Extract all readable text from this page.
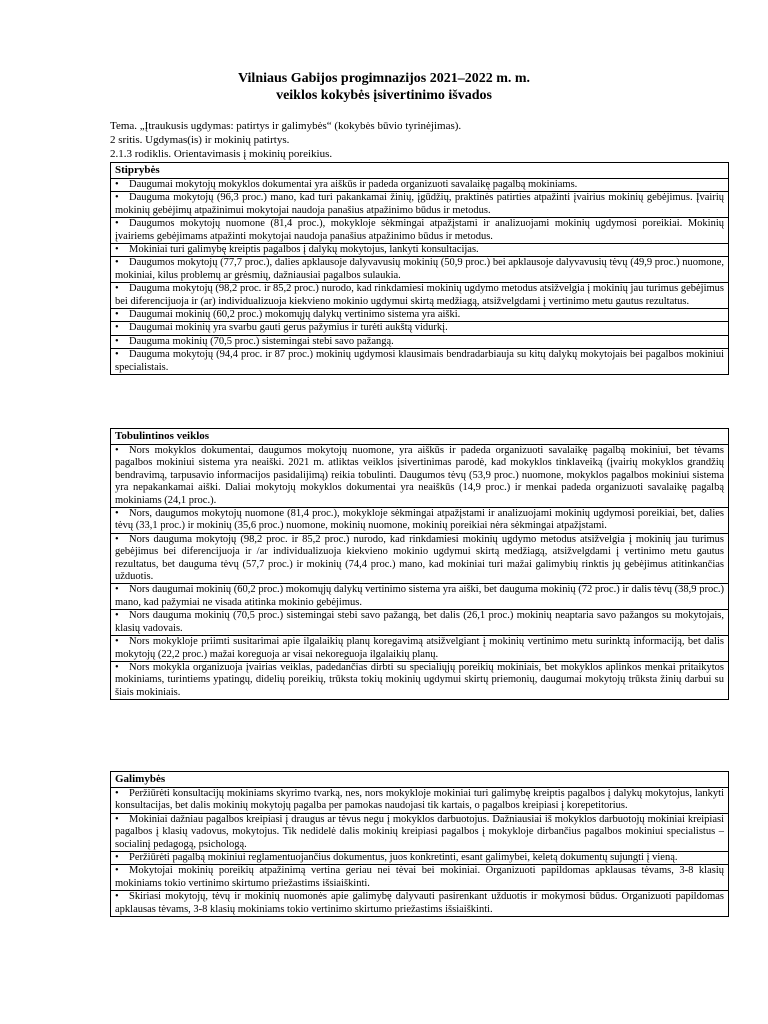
Vilniaus Gabijos progimnazijos 2021–2022 m. m.
veiklos kokybės įsivertinimo išvados
Tema. „Įtraukusis ugdymas: patirtys ir galimybės“ (kokybės būvio tyrinėjimas).
2 sritis. Ugdymas(is) ir mokinių patirtys.
2.1.3 rodiklis. Orientavimasis į mokinių poreikius.
Stiprybės
• Daugumai mokytojų mokyklos dokumentai yra aiškūs ir padeda organizuoti savalaikę pagalbą mokiniams.
• Dauguma mokytojų (96,3 proc.) mano, kad turi pakankamai žinių, įgūdžių, praktinės patirties atpažinti įvairius mokinių gebėjimus. Įvairių mokinių gebėjimų atpažinimui mokytojai naudoja panašius atpažinimo būdus ir metodus.
• Daugumos mokytojų nuomone (81,4 proc.), mokykloje sėkmingai atpažįstami ir analizuojami mokinių ugdymosi poreikiai. Mokinių įvairiems gebėjimams atpažinti mokytojai naudoja panašius atpažinimo būdus ir metodus.
• Mokiniai turi galimybę kreiptis pagalbos į dalykų mokytojus, lankyti konsultacijas.
• Daugumos mokytojų (77,7 proc.), dalies apklausoje dalyvavusių mokinių (50,9 proc.) bei apklausoje dalyvavusių tėvų (49,9 proc.) nuomone, mokiniai, kilus problemų ar grėsmių, dažniausiai pagalbos sulaukia.
• Dauguma mokytojų (98,2 proc. ir 85,2 proc.) nurodo, kad rinkdamiesi mokinių ugdymo metodus atsižvelgia į mokinių jau turimus gebėjimus bei diferencijuoja ir (ar) individualizuoja kiekvieno mokinio ugdymui skirtą medžiagą, atsižvelgdami į vertinimo metu gautus rezultatus.
• Daugumai mokinių (60,2 proc.) mokomųjų dalykų vertinimo sistema yra aiški.
• Daugumai mokinių yra svarbu gauti gerus pažymius ir turėti aukštą vidurkį.
• Dauguma mokinių (70,5 proc.) sistemingai stebi savo pažangą.
• Dauguma mokytojų (94,4 proc. ir 87 proc.) mokinių ugdymosi klausimais bendradarbiauja su kitų dalykų mokytojais bei pagalbos mokiniui specialistais.
Tobulintinos veiklos
• Nors mokyklos dokumentai, daugumos mokytojų nuomone, yra aiškūs ir padeda organizuoti savalaikę pagalbą mokiniui, bet tėvams pagalbos mokiniui sistema yra neaiški. 2021 m. atliktas veiklos įsivertinimas parodė, kad mokyklos tinklaveiką (įvairių mokyklos grandžių bendravimą, tarpusavio informacijos pasidalijimą) reikia tobulinti. Daugumos tėvų (53,9 proc.) nuomone, mokyklos pagalbos mokiniui sistema yra nepakankamai aiški. Daliai mokytojų mokyklos dokumentai yra neaiškūs (14,9 proc.) ir menkai padeda organizuoti savalaikę pagalbą mokiniams (24,1 proc.).
• Nors, daugumos mokytojų nuomone (81,4 proc.), mokykloje sėkmingai atpažįstami ir analizuojami mokinių ugdymosi poreikiai, bet, dalies tėvų (33,1 proc.) ir mokinių (35,6 proc.) nuomone, mokinių nuomone, mokinių poreikiai nėra sėkmingai atpažįstami.
• Nors dauguma mokytojų (98,2 proc. ir 85,2 proc.) nurodo, kad rinkdamiesi mokinių ugdymo metodus atsižvelgia į mokinių jau turimus gebėjimus bei diferencijuoja ir /ar individualizuoja kiekvieno mokinio ugdymui skirtą medžiagą, atsižvelgdami į vertinimo metu gautus rezultatus, bet dauguma tėvų (57,7 proc.) ir mokinių (74,4 proc.) mano, kad mokiniai turi mažai galimybių rinktis jų gebėjimus atitinkančias užduotis.
• Nors daugumai mokinių (60,2 proc.) mokomųjų dalykų vertinimo sistema yra aiški, bet dauguma mokinių (72 proc.) ir dalis tėvų (38,9 proc.) mano, kad pažymiai ne visada atitinka mokinio gebėjimus.
• Nors dauguma mokinių (70,5 proc.) sistemingai stebi savo pažangą, bet dalis (26,1 proc.) mokinių neaptaria savo pažangos su mokytojais, klasių vadovais.
• Nors mokykloje priimti susitarimai apie ilgalaikių planų koregavimą atsižvelgiant į mokinių vertinimo metu surinktą informaciją, bet dalis mokytojų (22,2 proc.) mažai koreguoja ar visai nekoreguoja ilgalaikių planų.
• Nors mokykla organizuoja įvairias veiklas, padedančias dirbti su specialiųjų poreikių mokiniais, bet mokyklos aplinkos menkai pritaikytos mokiniams, turintiems ypatingų, didelių poreikių, trūksta tokių mokinių ugdymui skirtų priemonių, daugumai mokytojų trūksta žinių darbui su šiais mokiniais.
Galimybės
• Peržiūrėti konsultacijų mokiniams skyrimo tvarką, nes, nors mokykloje mokiniai turi galimybę kreiptis pagalbos į dalykų mokytojus, lankyti konsultacijas, bet dalis mokinių mokytojų pagalba per pamokas naudojasi tik kartais, o pagalbos kreipiasi į korepetitorius.
• Mokiniai dažniau pagalbos kreipiasi į draugus ar tėvus negu į mokyklos darbuotojus. Dažniausiai iš mokyklos darbuotojų mokiniai kreipiasi pagalbos į klasių vadovus, mokytojus. Tik nedidelė dalis mokinių kreipiasi pagalbos į mokykloje dirbančius pagalbos mokiniui specialistus – socialinį pedagogą, psichologą.
• Peržiūrėti pagalbą mokiniui reglamentuojančius dokumentus, juos konkretinti, esant galimybei, keletą dokumentų sujungti į vieną.
• Mokytojai mokinių poreikių atpažinimą vertina geriau nei tėvai bei mokiniai. Organizuoti papildomas apklausas tėvams, 3-8 klasių mokiniams tokio vertinimo skirtumo priežastims išsiaiškinti.
• Skiriasi mokytojų, tėvų ir mokinių nuomonės apie galimybę dalyvauti pasirenkant užduotis ir mokymosi būdus. Organizuoti papildomas apklausas tėvams, 3-8 klasių mokiniams tokio vertinimo skirtumo priežastims išsiaiškinti.
